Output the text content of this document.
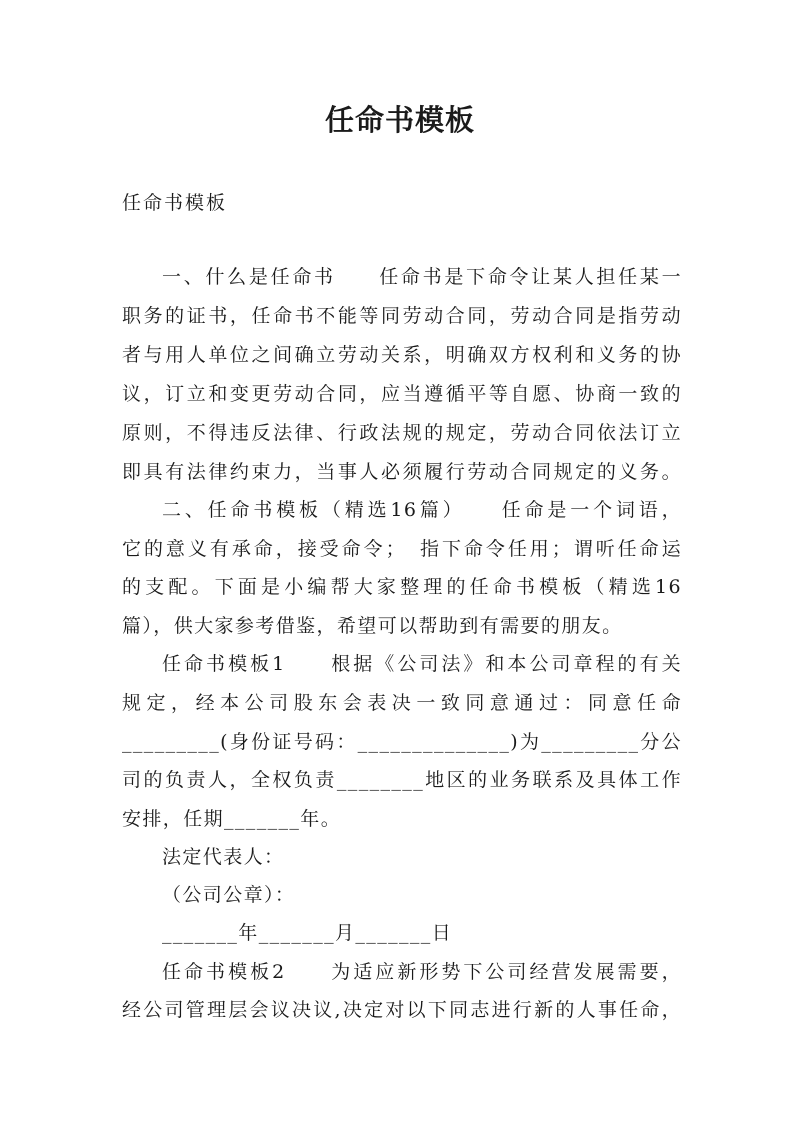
任命书模板
任命书模板
一、什么是任命书　　任命书是下命令让某人担任某一
职务的证书，任命书不能等同劳动合同，劳动合同是指劳动
者与用人单位之间确立劳动关系，明确双方权利和义务的协
议，订立和变更劳动合同，应当遵循平等自愿、协商一致的
原则，不得违反法律、行政法规的规定，劳动合同依法订立
即具有法律约束力，当事人必须履行劳动合同规定的义务。
二、任命书模板（精选16篇）　　任命是一个词语，
它的意义有承命，接受命令；　指下命令任用；谓听任命运
的支配。下面是小编帮大家整理的任命书模板（精选16
篇），供大家参考借鉴，希望可以帮助到有需要的朋友。
任命书模板1　　根据《公司法》和本公司章程的有关
规定，经本公司股东会表决一致同意通过：同意任命
_________(身份证号码：______________)为_________分公
司的负责人，全权负责________地区的业务联系及具体工作
安排，任期_______年。
法定代表人：
（公司公章）：
_______年_______月_______日
任命书模板2　　为适应新形势下公司经营发展需要，
经公司管理层会议决议,决定对以下同志进行新的人事任命，
